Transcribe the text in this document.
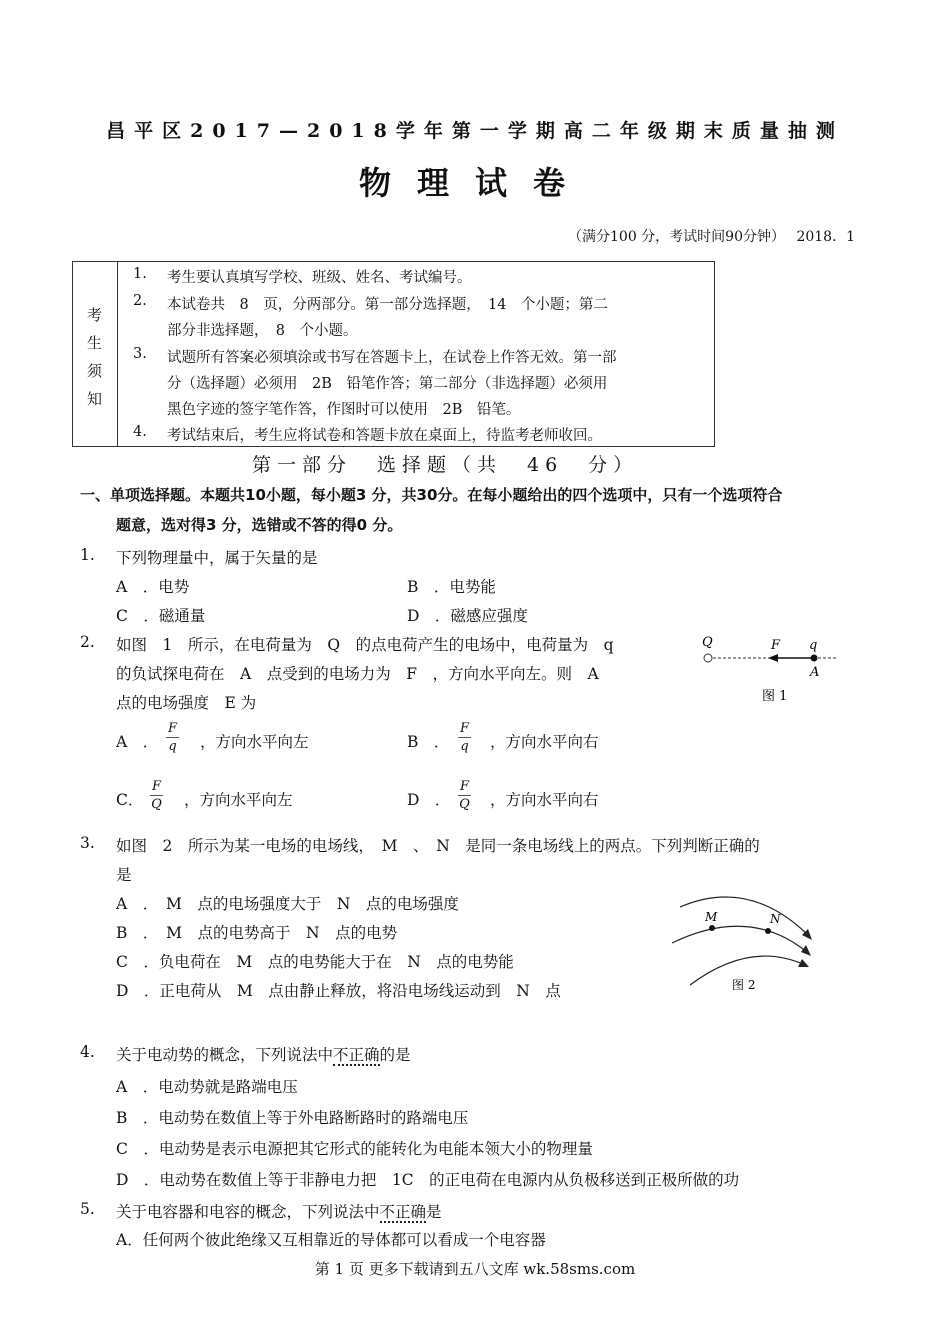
昌平区2017—2018学年第一学期高二年级期末质量抽测
物理试卷
（满分100 分，考试时间90分钟）　 2018．1
考
生
须
知
1. 考生要认真填写学校、班级、姓名、考试编号。
2. 本试卷共　8　页，分两部分。第一部分选择题，　14　个小题；第二
部分非选择题，　8　个小题。
3. 试题所有答案必须填涂或书写在答题卡上，在试卷上作答无效。第一部
分（选择题）必须用　2B　铅笔作答；第二部分（非选择题）必须用
黑色字迹的签字笔作答，作图时可以使用　2B　铅笔。
4. 考试结束后，考生应将试卷和答题卡放在桌面上，待监考老师收回。
第一部分　选择题（共　46　分）
一、单项选择题。本题共10小题，每小题3 分，共30分。在每小题给出的四个选项中，只有一个选项符合
题意，选对得3 分，选错或不答的得0 分。
1. 下列物理量中，属于矢量的是
A　．电势	B　．电势能
C　．磁通量	D　．磁感应强度
2. 如图　1　所示，在电荷量为　Q　的点电荷产生的电场中，电荷量为　q
的负试探电荷在　A　点受到的电场力为　F　，方向水平向左。则　A
点的电场强度　E 为
A　． $\frac{F}{q}$ ，方向水平向左	B　． $\frac{F}{q}$ ，方向水平向右
C． $\frac{F}{Q}$ ，方向水平向左	D　． $\frac{F}{Q}$ ，方向水平向右
Q	F q
A
图 1
3. 如图　2　所示为某一电场的电场线，　M　、　N　是同一条电场线上的两点。下列判断正确的
是
A　．　M　点的电场强度大于　N　点的电场强度
B　．　M　点的电势高于　N　点的电势
C　．负电荷在　M　点的电势能大于在　N　点的电势能
D　．正电荷从　M　点由静止释放，将沿电场线运动到　N　点
M	N
图 2
4. 关于电动势的概念，下列说法中不正确的是
A　．电动势就是路端电压
B　．电动势在数值上等于外电路断路时的路端电压
C　．电动势是表示电源把其它形式的能转化为电能本领大小的物理量
D　．电动势在数值上等于非静电力把　1C　的正电荷在电源内从负极移送到正极所做的功
5. 关于电容器和电容的概念，下列说法中不正确是
A．任何两个彼此绝缘又互相靠近的导体都可以看成一个电容器
第 1 页 更多下载请到五八文库 wk.58sms.com
